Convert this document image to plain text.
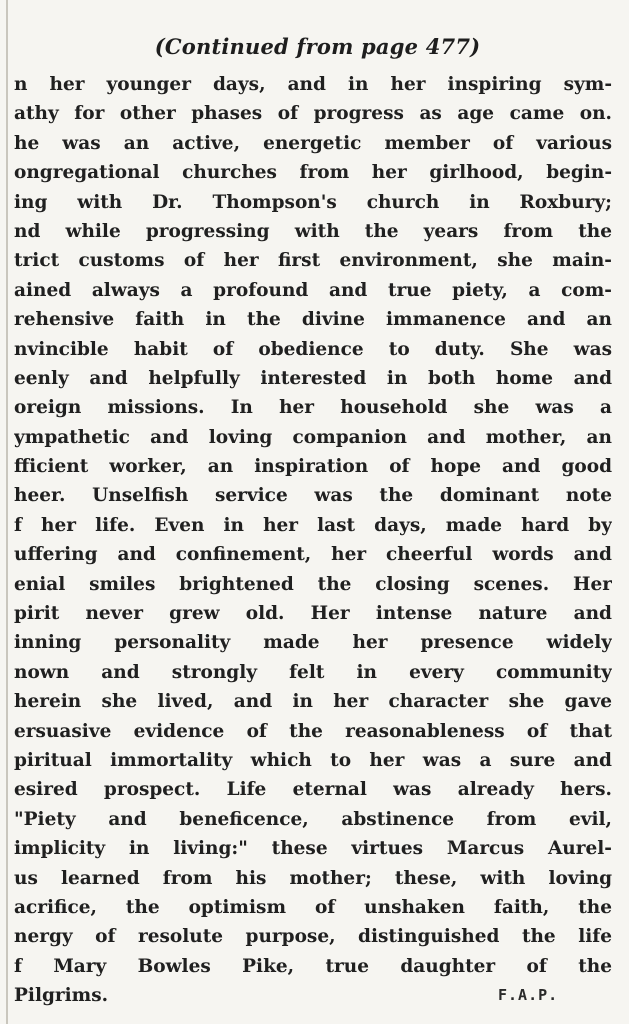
(Continued from page 477)
n her younger days, and in her inspiring sym-
athy for other phases of progress as age came on.
he was an active, energetic member of various
ongregational churches from her girlhood, begin-
ing with Dr. Thompson's church in Roxbury;
nd while progressing with the years from the
trict customs of her first environment, she main-
ained always a profound and true piety, a com-
rehensive faith in the divine immanence and an
nvincible habit of obedience to duty. She was
eenly and helpfully interested in both home and
oreign missions. In her household she was a
ympathetic and loving companion and mother, an
fficient worker, an inspiration of hope and good
heer. Unselfish service was the dominant note
f her life. Even in her last days, made hard by
uffering and confinement, her cheerful words and
enial smiles brightened the closing scenes. Her
pirit never grew old. Her intense nature and
inning personality made her presence widely
nown and strongly felt in every community
herein she lived, and in her character she gave
ersuasive evidence of the reasonableness of that
piritual immortality which to her was a sure and
esired prospect. Life eternal was already hers.
"Piety and beneficence, abstinence from evil,
implicity in living:" these virtues Marcus Aurel-
us learned from his mother; these, with loving
acrifice, the optimism of unshaken faith, the
nergy of resolute purpose, distinguished the life
f Mary Bowles Pike, true daughter of the
Pilgrims.	F.A.P.
